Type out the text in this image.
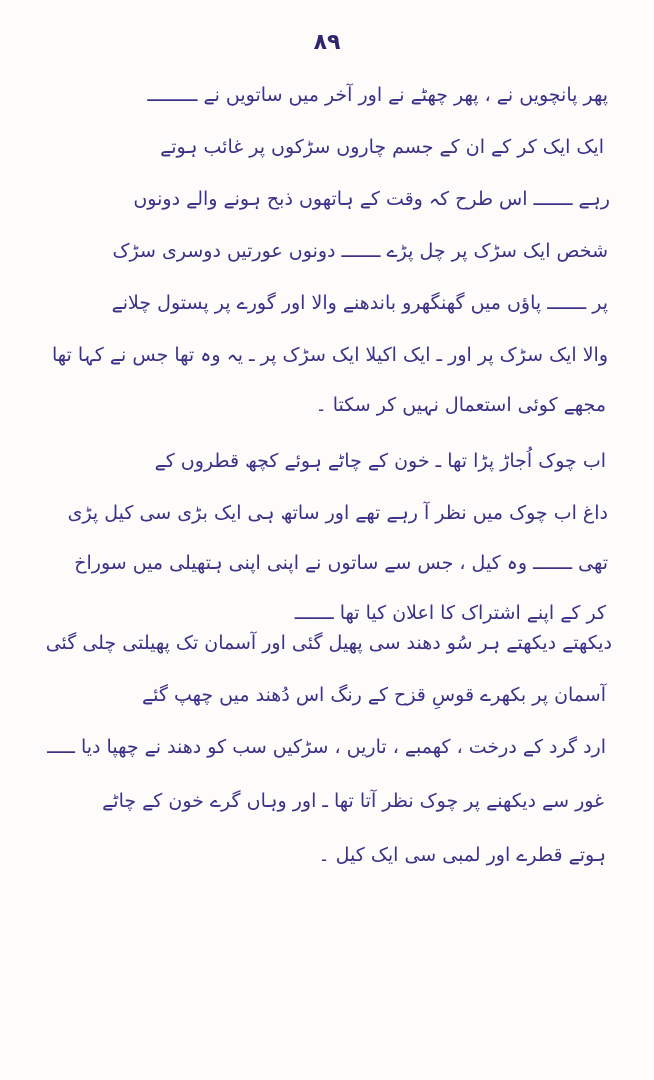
۸۹
پھر پانچویں نے ، پھر چھٹے نے اور آخر میں ساتویں نے ـــــــــ
ایک ایک کر کے ان کے جسم چاروں سڑکوں پر غائب ہوتے
رہے ـــــــ اس طرح کہ وقت کے ہاتھوں ذبح ہونے والے دونوں
شخص ایک سڑک پر چل پڑے ـــــــ دونوں عورتیں دوسری سڑک
پر ـــــــ پاؤں میں گھنگھرو باندھنے والا اور گورے پر پستول چلانے
والا ایک سڑک پر اور ـ ایک اکیلا ایک سڑک پر ـ یہ وہ تھا جس نے کہا تھا
مجھے کوئی استعمال نہیں کر سکتا ۔
اب چوک اُجاڑ پڑا تھا ـ خون کے چاٹے ہوئے کچھ قطروں کے
داغ اب چوک میں نظر آ رہے تھے اور ساتھ ہی ایک بڑی سی کیل پڑی
تھی ـــــــ وہ کیل ، جس سے ساتوں نے اپنی اپنی ہتھیلی میں سوراخ
کر کے اپنے اشتراک کا اعلان کیا تھا ـــــــ
دیکھتے دیکھتے ہر سُو دھند سی پھیل گئی اور آسمان تک پھیلتی چلی گئی
آسمان پر بکھرے قوسِ قزح کے رنگ اس دُھند میں چھپ گئے
ارد گرد کے درخت ، کھمبے ، تاریں ، سڑکیں سب کو دھند نے چھپا دیا ـــــ
غور سے دیکھنے پر چوک نظر آتا تھا ـ اور وہاں گرے خون کے چاٹے
ہوتے قطرے اور لمبی سی ایک کیل ۔
